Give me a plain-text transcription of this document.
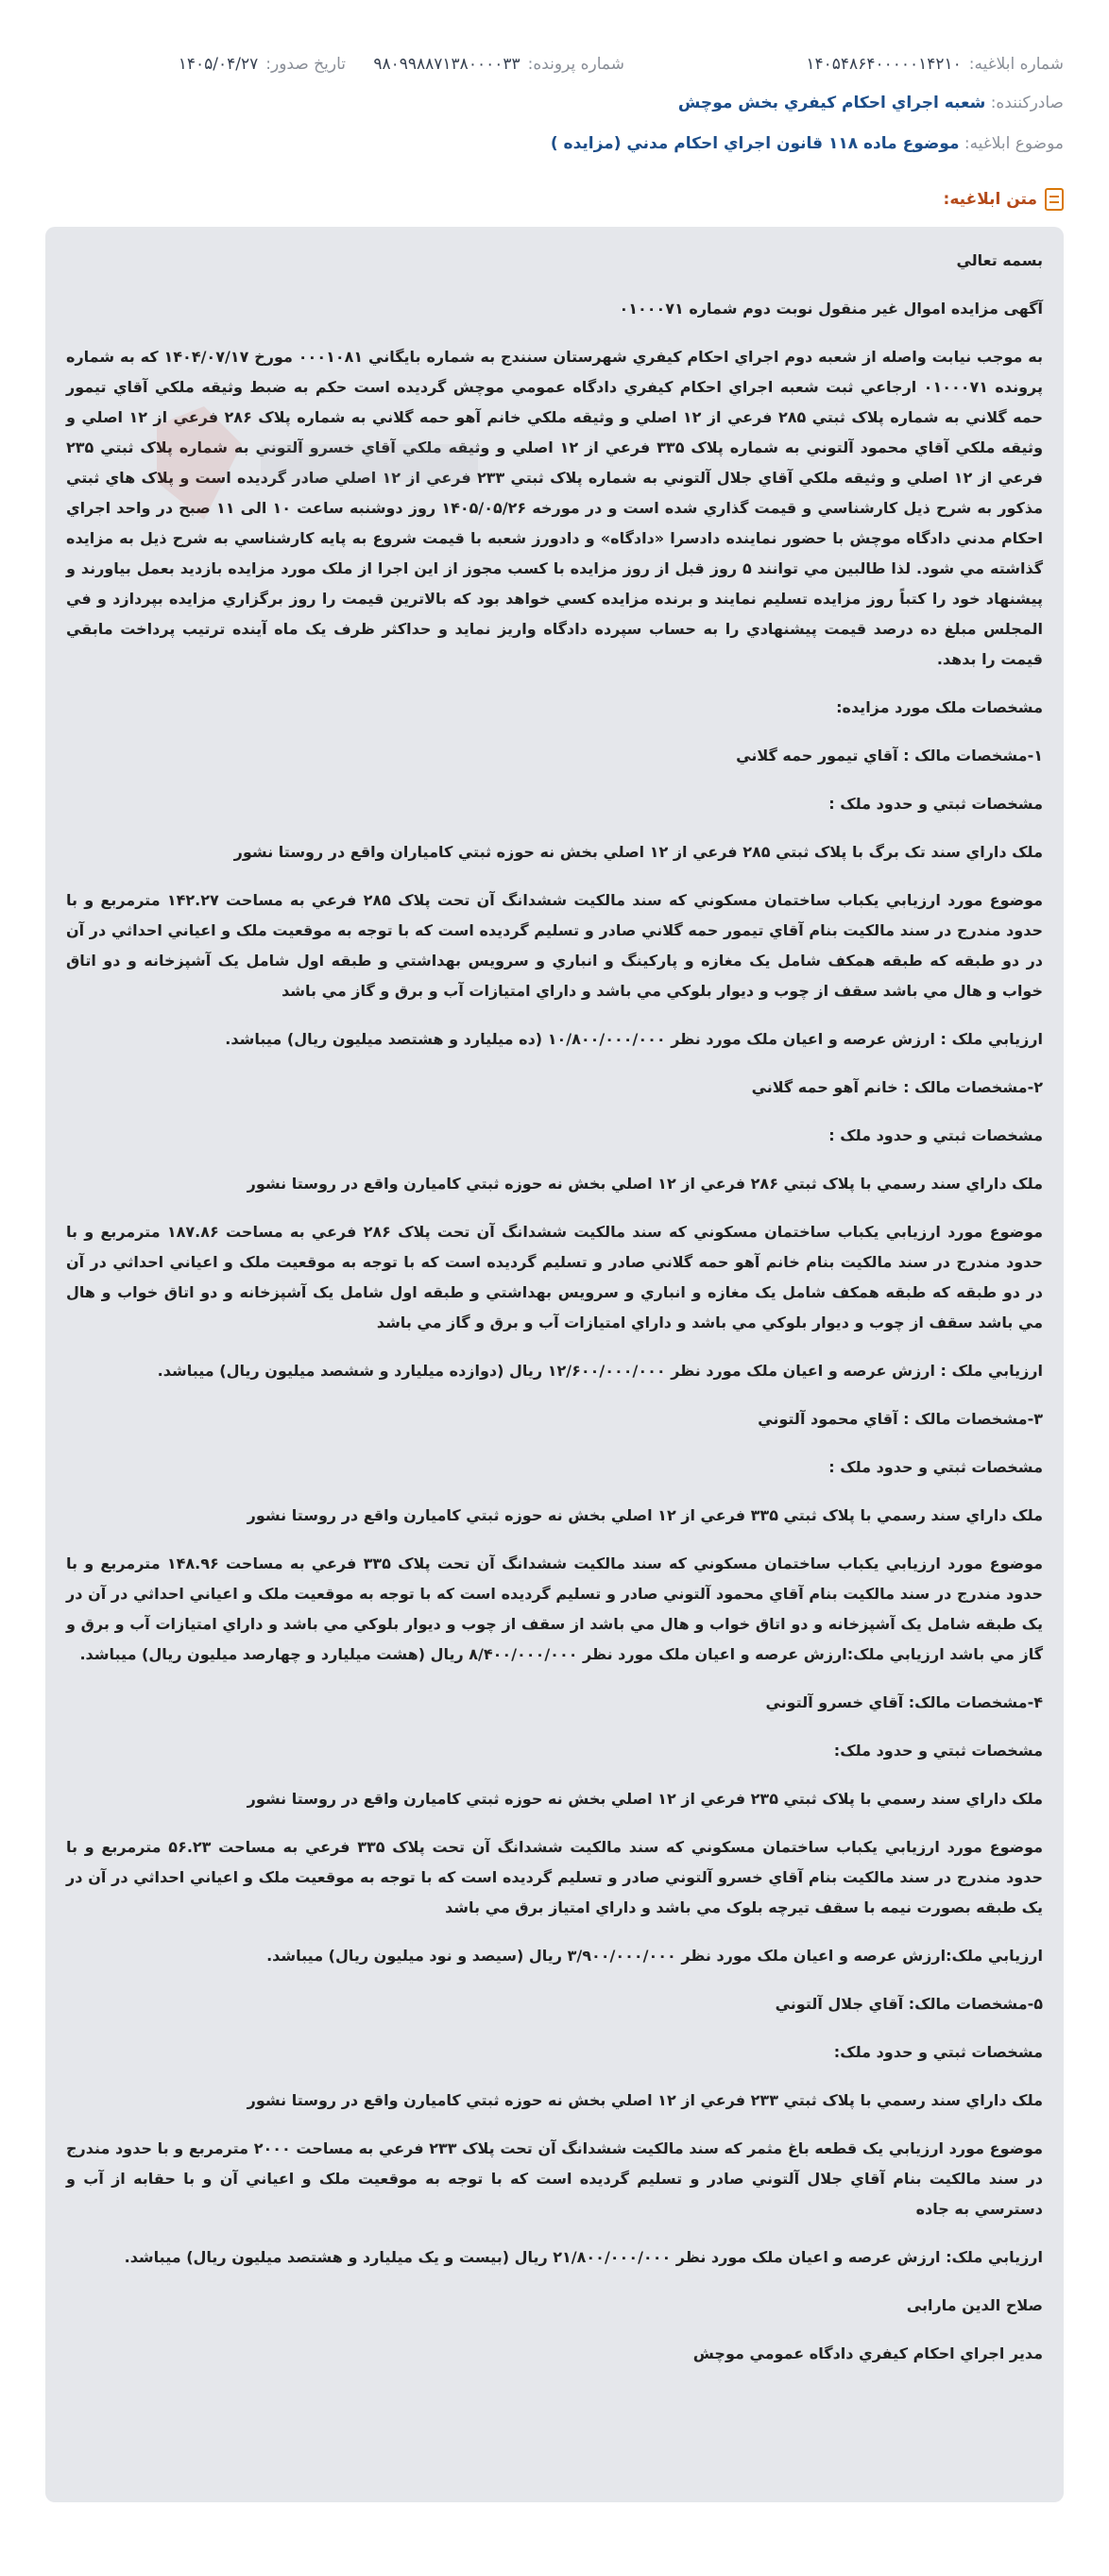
شماره ابلاغیه:
۱۴۰۵۴۸۶۴۰۰۰۰۰۱۴۲۱۰
شماره پرونده:
۹۸۰۹۹۸۸۷۱۳۸۰۰۰۰۳۳
تاریخ صدور:
۱۴۰۵/۰۴/۲۷
صادرکننده: شعبه اجراي احکام کيفري بخش موچش
موضوع ابلاغیه: موضوع ماده ۱۱۸ قانون اجراي احکام مدني (مزايده )
متن ابلاغیه:

بسمه تعالي

آگهی مزايده اموال غير منقول نوبت دوم شماره ۰۱۰۰۰۷۱

به موجب نيابت واصله از شعبه دوم اجراي احکام کيفري شهرستان سنندج به شماره بايگاني ۰۰۰۱۰۸۱ مورخ ۱۴۰۴/۰۷/۱۷ که به شماره پرونده ۰۱۰۰۰۷۱ ارجاعي ثبت شعبه اجراي احکام کيفري دادگاه عمومي موچش گرديده است حکم به ضبط وثيقه ملکي آقاي تيمور حمه گلاني به شماره پلاک ثبتي ۲۸۵ فرعي از ۱۲ اصلي و وثيقه ملکي خانم آهو حمه گلاني به شماره پلاک ۲۸۶ فرعي از ۱۲ اصلي و وثيقه ملکي آقاي محمود آلتوني به شماره پلاک ۳۳۵ فرعي از ۱۲ اصلي و وثيقه ملکي آقاي خسرو آلتوني به شماره پلاک ثبتي ۲۳۵ فرعي از ۱۲ اصلي و وثيقه ملکي آقاي جلال آلتوني به شماره پلاک ثبتي ۲۳۳ فرعي از ۱۲ اصلي صادر گرديده است و پلاک هاي ثبتي مذکور به شرح ذيل کارشناسي و قيمت گذاري شده است و در مورخه ۱۴۰۵/۰۵/۲۶ روز دوشنبه ساعت ۱۰ الی ۱۱ صبح در واحد اجراي احکام مدني دادگاه موچش با حضور نماينده دادسرا «دادگاه» و دادورز شعبه با قيمت شروع به پايه کارشناسي به شرح ذيل به مزايده گذاشته مي شود. لذا طالبين مي توانند ۵ روز قبل از روز مزايده با کسب مجوز از اين اجرا از ملک مورد مزايده بازديد بعمل بياورند و پيشنهاد خود را کتباً روز مزايده تسليم نمايند و برنده مزايده کسي خواهد بود که بالاترين قيمت را روز برگزاري مزايده بپردازد و في المجلس مبلغ ده درصد قيمت پيشنهادي را به حساب سپرده دادگاه واريز نمايد و حداکثر ظرف يک ماه آينده ترتيب پرداخت مابقي قيمت را بدهد.

مشخصات ملک مورد مزايده:

۱-مشخصات مالک : آقاي تيمور حمه گلاني

مشخصات ثبتي و حدود ملک :

ملک داراي سند تک برگ با پلاک ثبتي ۲۸۵ فرعي از ۱۲ اصلي بخش نه حوزه ثبتي کامياران واقع در روستا نشور

موضوع مورد ارزيابي يکباب ساختمان مسکوني که سند مالکيت ششدانگ آن تحت پلاک ۲۸۵ فرعي به مساحت ۱۴۲.۲۷ مترمربع و با حدود مندرج در سند مالکيت بنام آقاي تيمور حمه گلاني صادر و تسليم گرديده است که با توجه به موقعيت ملک و اعياني احداثي در آن در دو طبقه که طبقه همکف شامل يک مغازه و پارکينگ و انباري و سرويس بهداشتي و طبقه اول شامل يک آشپزخانه و دو اتاق خواب و هال مي باشد سقف از چوب و ديوار بلوکي مي باشد و داراي امتيازات آب و برق و گاز مي باشد

ارزيابي ملک : ارزش عرصه و اعيان ملک مورد نظر ۱۰/۸۰۰/۰۰۰/۰۰۰ (ده ميلیارد و هشتصد ميليون ريال) ميباشد.

۲-مشخصات مالک : خانم آهو حمه گلاني

مشخصات ثبتي و حدود ملک :

ملک داراي سند رسمي با پلاک ثبتي ۲۸۶ فرعي از ۱۲ اصلي بخش نه حوزه ثبتي کاميارن واقع در روستا نشور

موضوع مورد ارزيابي يکباب ساختمان مسکوني که سند مالکيت ششدانگ آن تحت پلاک ۲۸۶ فرعي به مساحت ۱۸۷.۸۶ مترمربع و با حدود مندرج در سند مالکيت بنام خانم آهو حمه گلاني صادر و تسليم گرديده است که با توجه به موقعيت ملک و اعياني احداثي در آن در دو طبقه که طبقه همکف شامل يک مغازه و انباري و سرويس بهداشتي و طبقه اول شامل يک آشپزخانه و دو اتاق خواب و هال مي باشد سقف از چوب و ديوار بلوکي مي باشد و داراي امتيازات آب و برق و گاز مي باشد

ارزيابي ملک : ارزش عرصه و اعيان ملک مورد نظر ۱۲/۶۰۰/۰۰۰/۰۰۰ ريال (دوازده ميليارد و ششصد ميليون ريال) ميباشد.

۳-مشخصات مالک : آقاي محمود آلتوني

مشخصات ثبتي و حدود ملک :

ملک داراي سند رسمي با پلاک ثبتي ۳۳۵ فرعي از ۱۲ اصلي بخش نه حوزه ثبتي کاميارن واقع در روستا نشور

موضوع مورد ارزيابي يکباب ساختمان مسکوني که سند مالکيت ششدانگ آن تحت پلاک ۳۳۵ فرعي به مساحت ۱۴۸.۹۶ مترمربع و با حدود مندرج در سند مالکيت بنام آقاي محمود آلتوني صادر و تسليم گرديده است که با توجه به موقعيت ملک و اعياني احداثي در آن در يک طبقه شامل يک آشپزخانه و دو اتاق خواب و هال مي باشد از سقف از چوب و ديوار بلوکي مي باشد و داراي امتيازات آب و برق و گاز مي باشد ارزيابي ملک:ارزش عرصه و اعيان ملک مورد نظر ۸/۴۰۰/۰۰۰/۰۰۰ ريال (هشت ميليارد و چهارصد ميليون ريال) ميباشد.

۴-مشخصات مالک: آقاي خسرو آلتوني

مشخصات ثبتي و حدود ملک:

ملک داراي سند رسمي با پلاک ثبتي ۲۳۵ فرعي از ۱۲ اصلي بخش نه حوزه ثبتي کاميارن واقع در روستا نشور

موضوع مورد ارزيابي يکباب ساختمان مسکوني که سند مالکيت ششدانگ آن تحت پلاک ۳۳۵ فرعي به مساحت ۵۶.۲۳ مترمربع و با حدود مندرج در سند مالکيت بنام آقاي خسرو آلتوني صادر و تسليم گرديده است که با توجه به موقعيت ملک و اعياني احداثي در آن در يک طبقه بصورت نيمه با سقف تيرچه بلوک مي باشد و داراي امتياز برق مي باشد

ارزيابي ملک:ارزش عرصه و اعيان ملک مورد نظر ۳/۹۰۰/۰۰۰/۰۰۰ ريال (سيصد و نود ميليون ريال) ميباشد.

۵-مشخصات مالک: آقاي جلال آلتوني

مشخصات ثبتي و حدود ملک:

ملک داراي سند رسمي با پلاک ثبتي ۲۳۳ فرعي از ۱۲ اصلي بخش نه حوزه ثبتي کاميارن واقع در روستا نشور

موضوع مورد ارزيابي يک قطعه باغ مثمر که سند مالکيت ششدانگ آن تحت پلاک ۲۳۳ فرعي به مساحت ۲۰۰۰ مترمربع و با حدود مندرج در سند مالکيت بنام آقاي جلال آلتوني صادر و تسليم گرديده است که با توجه به موقعيت ملک و اعياني آن و با حقابه از آب و دسترسي به جاده

ارزيابي ملک: ارزش عرصه و اعيان ملک مورد نظر ۲۱/۸۰۰/۰۰۰/۰۰۰ ريال (بيست و يک ميليارد و هشتصد ميليون ريال) ميباشد.

صلاح الدين مارابی

مدير اجراي احکام کيفري دادگاه عمومي موچش
